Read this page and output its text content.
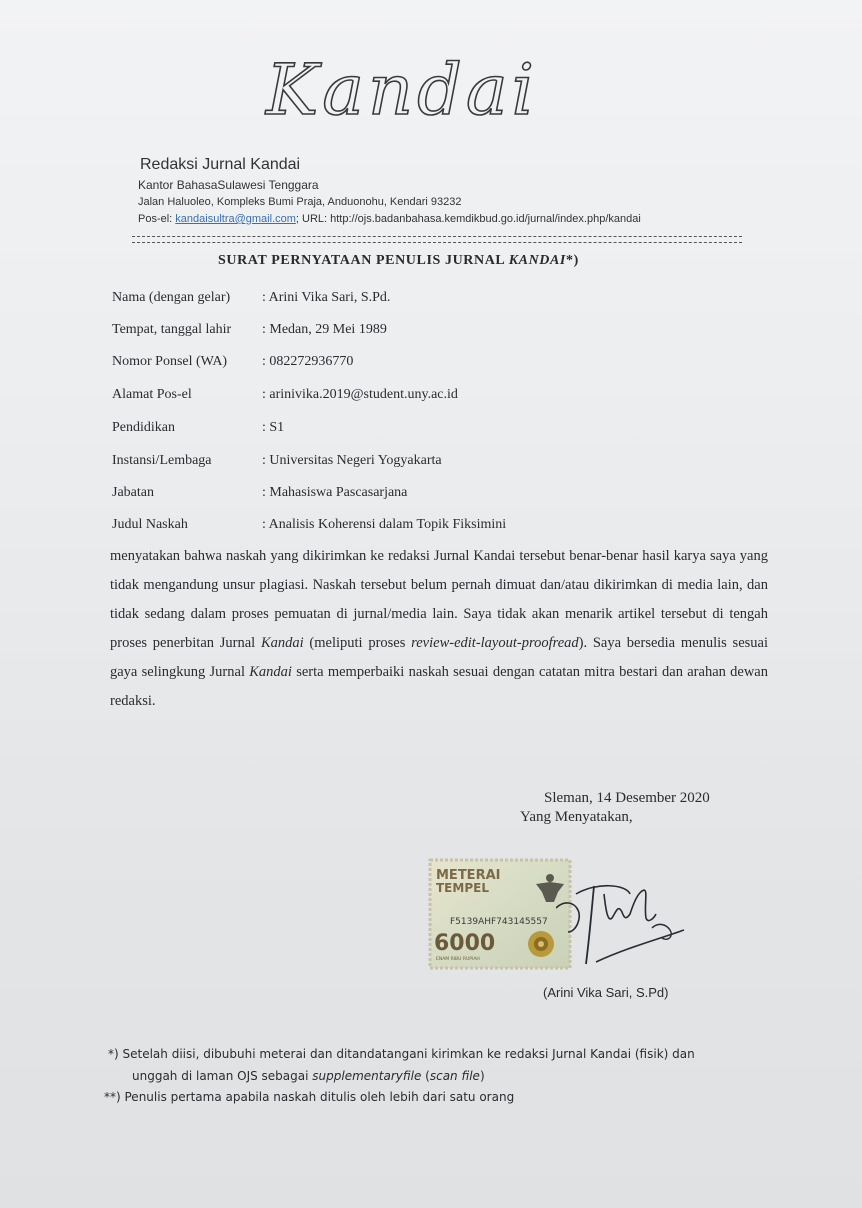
Kandai
Redaksi Jurnal Kandai
Kantor BahasaSulawesi Tenggara
Jalan Haluoleo, Kompleks Bumi Praja, Anduonohu, Kendari 93232
Pos-el: kandaisultra@gmail.com; URL: http://ojs.badanbahasa.kemdikbud.go.id/jurnal/index.php/kandai
SURAT PERNYATAAN PENULIS JURNAL KANDAI*)
Nama (dengan gelar) : Arini Vika Sari, S.Pd.
Tempat, tanggal lahir : Medan, 29 Mei 1989
Nomor Ponsel (WA) : 082272936770
Alamat Pos-el	: arinivika.2019@student.uny.ac.id
Pendidikan	: S1
Instansi/Lembaga	: Universitas Negeri Yogyakarta
Jabatan	: Mahasiswa Pascasarjana
Judul Naskah	: Analisis Koherensi dalam Topik Fiksimini
menyatakan bahwa naskah yang dikirimkan ke redaksi Jurnal Kandai tersebut benar-benar hasil karya saya yang tidak mengandung unsur plagiasi. Naskah tersebut belum pernah dimuat dan/atau dikirimkan di media lain, dan tidak sedang dalam proses pemuatan di jurnal/media lain. Saya tidak akan menarik artikel tersebut di tengah proses penerbitan Jurnal Kandai (meliputi proses review-edit-layout-proofread). Saya bersedia menulis sesuai gaya selingkung Jurnal Kandai serta memperbaiki naskah sesuai dengan catatan mitra bestari dan arahan dewan redaksi.
Sleman, 14 Desember 2020
Yang Menyatakan,
METERAI
TEMPEL
F5139AHF743145557
6000
ENAM RIBU RUPIAH
(Arini Vika Sari, S.Pd)
*) Setelah diisi, dibubuhi meterai dan ditandatangani kirimkan ke redaksi Jurnal Kandai (fisik) dan
unggah di laman OJS sebagai supplementaryfile (scan file)
**) Penulis pertama apabila naskah ditulis oleh lebih dari satu orang
